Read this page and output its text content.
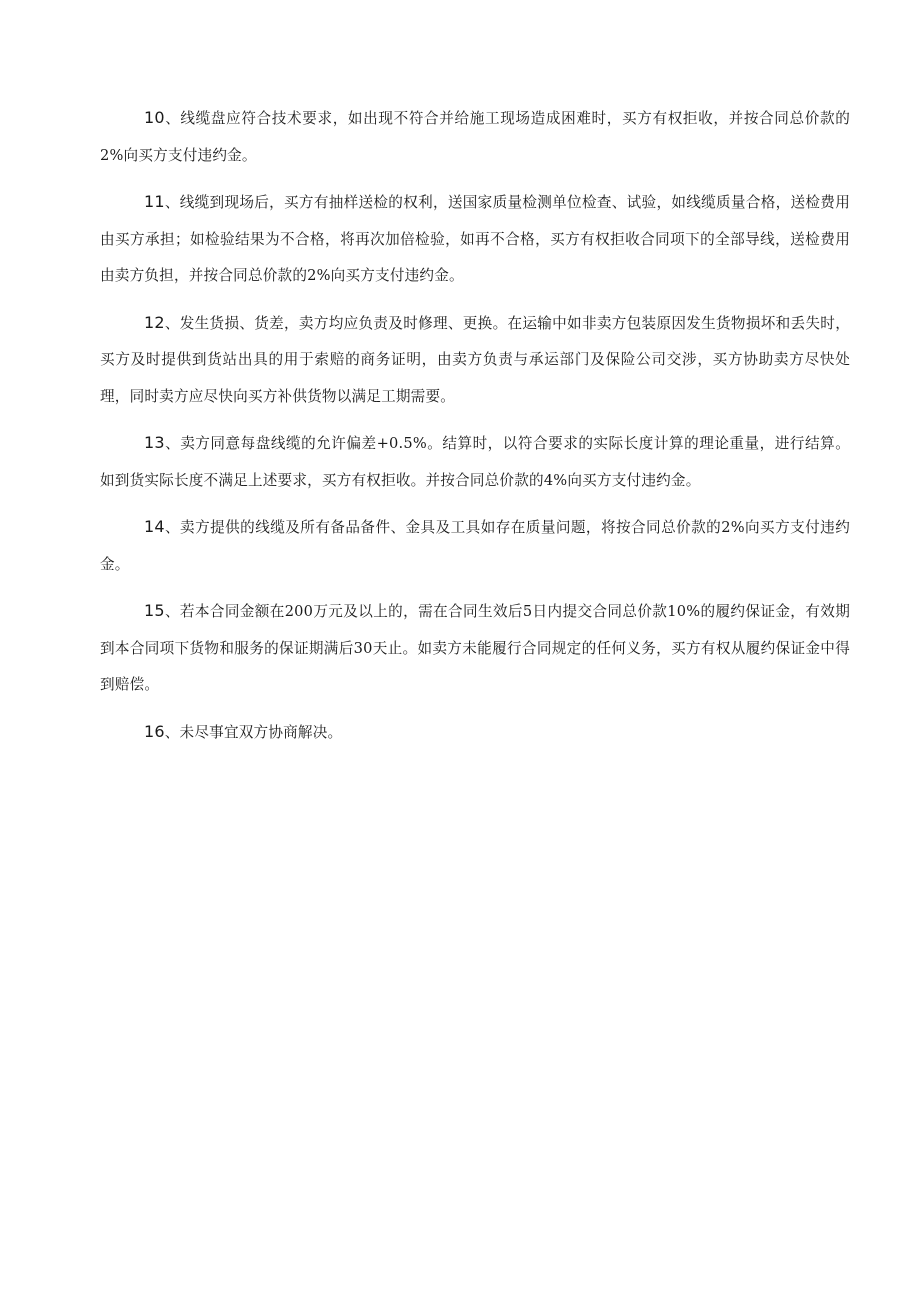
10、线缆盘应符合技术要求，如出现不符合并给施工现场造成困难时，买方有权拒收，并按合同总价款的2%向买方支付违约金。

11、线缆到现场后，买方有抽样送检的权利，送国家质量检测单位检查、试验，如线缆质量合格，送检费用由买方承担；如检验结果为不合格，将再次加倍检验，如再不合格，买方有权拒收合同项下的全部导线，送检费用由卖方负担，并按合同总价款的2%向买方支付违约金。

12、发生货损、货差，卖方均应负责及时修理、更换。在运输中如非卖方包装原因发生货物损坏和丢失时，买方及时提供到货站出具的用于索赔的商务证明，由卖方负责与承运部门及保险公司交涉，买方协助卖方尽快处理，同时卖方应尽快向买方补供货物以满足工期需要。

13、卖方同意每盘线缆的允许偏差+0.5%。结算时，以符合要求的实际长度计算的理论重量，进行结算。如到货实际长度不满足上述要求，买方有权拒收。并按合同总价款的4%向买方支付违约金。

14、卖方提供的线缆及所有备品备件、金具及工具如存在质量问题，将按合同总价款的2%向买方支付违约金。

15、若本合同金额在200万元及以上的，需在合同生效后5日内提交合同总价款10%的履约保证金，有效期到本合同项下货物和服务的保证期满后30天止。如卖方未能履行合同规定的任何义务，买方有权从履约保证金中得到赔偿。

16、未尽事宜双方协商解决。
